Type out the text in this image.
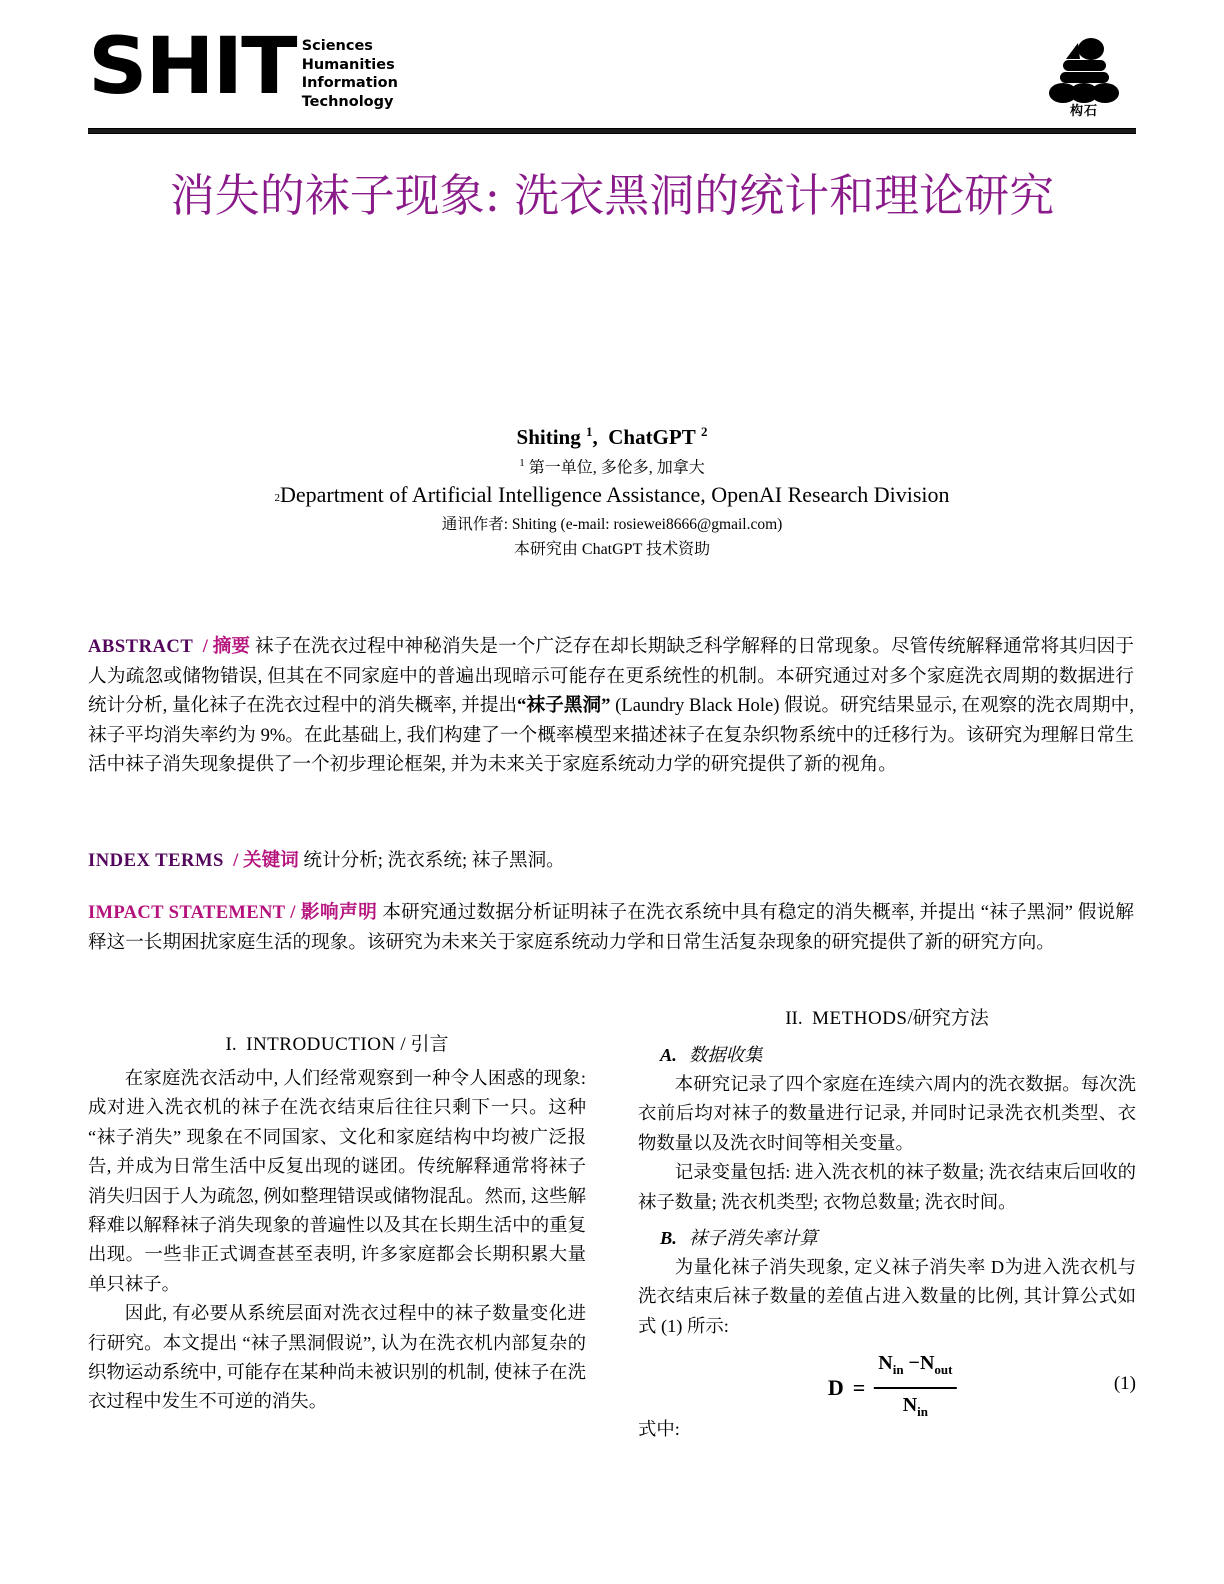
SHIT Sciences
Humanities
Information
Technology
构石
消失的袜子现象: 洗衣黑洞的统计和理论研究
Shiting $^1$,  ChatGPT $^2$
$^1$ 第一单位, 多伦多, 加拿大
$^2$Department of Artificial Intelligence Assistance, OpenAI Research Division
通讯作者: Shiting (e-mail: rosiewei8666@gmail.com)
本研究由 ChatGPT 技术资助
ABSTRACT / 摘要 袜子在洗衣过程中神秘消失是一个广泛存在却长期缺乏科学解释的日常现象。尽管传统解释通常将其归因于人为疏忽或储物错误, 但其在不同家庭中的普遍出现暗示可能存在更系统性的机制。本研究通过对多个家庭洗衣周期的数据进行统计分析, 量化袜子在洗衣过程中的消失概率, 并提出“袜子黑洞” (Laundry Black Hole) 假说。研究结果显示, 在观察的洗衣周期中, 袜子平均消失率约为 9%。在此基础上, 我们构建了一个概率模型来描述袜子在复杂织物系统中的迁移行为。该研究为理解日常生活中袜子消失现象提供了一个初步理论框架, 并为未来关于家庭系统动力学的研究提供了新的视角。
INDEX TERMS / 关键词 统计分析; 洗衣系统; 袜子黑洞。
IMPACT STATEMENT / 影响声明 本研究通过数据分析证明袜子在洗衣系统中具有稳定的消失概率, 并提出 “袜子黑洞” 假说解释这一长期困扰家庭生活的现象。该研究为未来关于家庭系统动力学和日常生活复杂现象的研究提供了新的研究方向。
I. INTRODUCTION / 引言

在家庭洗衣活动中, 人们经常观察到一种令人困惑的现象: 成对进入洗衣机的袜子在洗衣结束后往往只剩下一只。这种 “袜子消失” 现象在不同国家、文化和家庭结构中均被广泛报告, 并成为日常生活中反复出现的谜团。传统解释通常将袜子消失归因于人为疏忽, 例如整理错误或储物混乱。然而, 这些解释难以解释袜子消失现象的普遍性以及其在长期生活中的重复出现。一些非正式调查甚至表明, 许多家庭都会长期积累大量单只袜子。

因此, 有必要从系统层面对洗衣过程中的袜子数量变化进行研究。本文提出 “袜子黑洞假说”, 认为在洗衣机内部复杂的织物运动系统中, 可能存在某种尚未被识别的机制, 使袜子在洗衣过程中发生不可逆的消失。

II. METHODS/研究方法
A. 数据收集

本研究记录了四个家庭在连续六周内的洗衣数据。每次洗衣前后均对袜子的数量进行记录, 并同时记录洗衣机类型、衣物数量以及洗衣时间等相关变量。

记录变量包括: 进入洗衣机的袜子数量; 洗衣结束后回收的袜子数量; 洗衣机类型; 衣物总数量; 洗衣时间。

B. 袜子消失率计算

为量化袜子消失现象, 定义袜子消失率 D为进入洗衣机与洗衣结束后袜子数量的差值占进入数量的比例, 其计算公式如式 (1) 所示:

$D = \frac{N_{in} -N_{out}}{N_{in}}$	(1)

式中:
